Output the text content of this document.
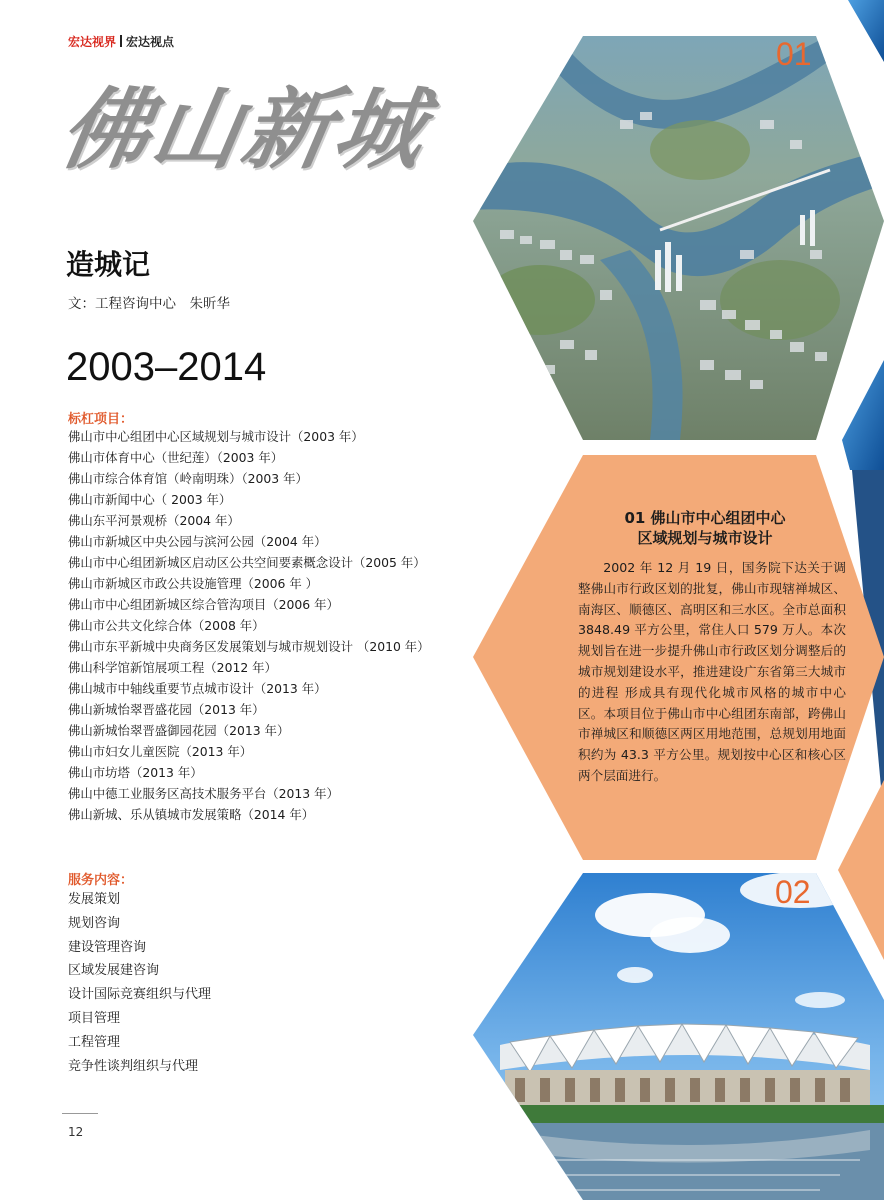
宏达视界 宏达视点
佛山新城
造城记
文：工程咨询中心　朱昕华
2003–2014
标杠项目：
佛山市中心组团中心区域规划与城市设计（2003 年）
佛山市体育中心（世纪莲）（2003 年）
佛山市综合体育馆（岭南明珠）（2003 年）
佛山市新闻中心（ 2003 年）
佛山东平河景观桥（2004 年）
佛山市新城区中央公园与滨河公园（2004 年）
佛山市中心组团新城区启动区公共空间要素概念设计（2005 年）
佛山市新城区市政公共设施管理（2006 年 ）
佛山市中心组团新城区综合管沟项目（2006 年）
佛山市公共文化综合体（2008 年）
佛山市东平新城中央商务区发展策划与城市规划设计 （2010 年）
佛山科学馆新馆展项工程（2012 年）
佛山城市中轴线重要节点城市设计（2013 年）
佛山新城怡翠晋盛花园（2013 年）
佛山新城怡翠晋盛御园花园（2013 年）
佛山市妇女儿童医院（2013 年）
佛山市坊塔（2013 年）
佛山中德工业服务区高技术服务平台（2013 年）
佛山新城、乐从镇城市发展策略（2014 年）
服务内容：
发展策划
规划咨询
建设管理咨询
区域发展建咨询
设计国际竞赛组织与代理
项目管理
工程管理
竞争性谈判组织与代理
12
01
02
01 佛山市中心组团中心
区域规划与城市设计
2002 年 12 月 19 日，国务院下达关于调整佛山市行政区划的批复，佛山市现辖禅城区、南海区、顺德区、高明区和三水区。全市总面积 3848.49 平方公里，常住人口 579 万人。本次规划旨在进一步提升佛山市行政区划分调整后的城市规划建设水平，推进建设广东省第三大城市的进程 形成具有现代化城市风格的城市中心区。本项目位于佛山市中心组团东南部，跨佛山市禅城区和顺德区两区用地范围，总规划用地面积约为 43.3 平方公里。规划按中心区和核心区两个层面进行。
